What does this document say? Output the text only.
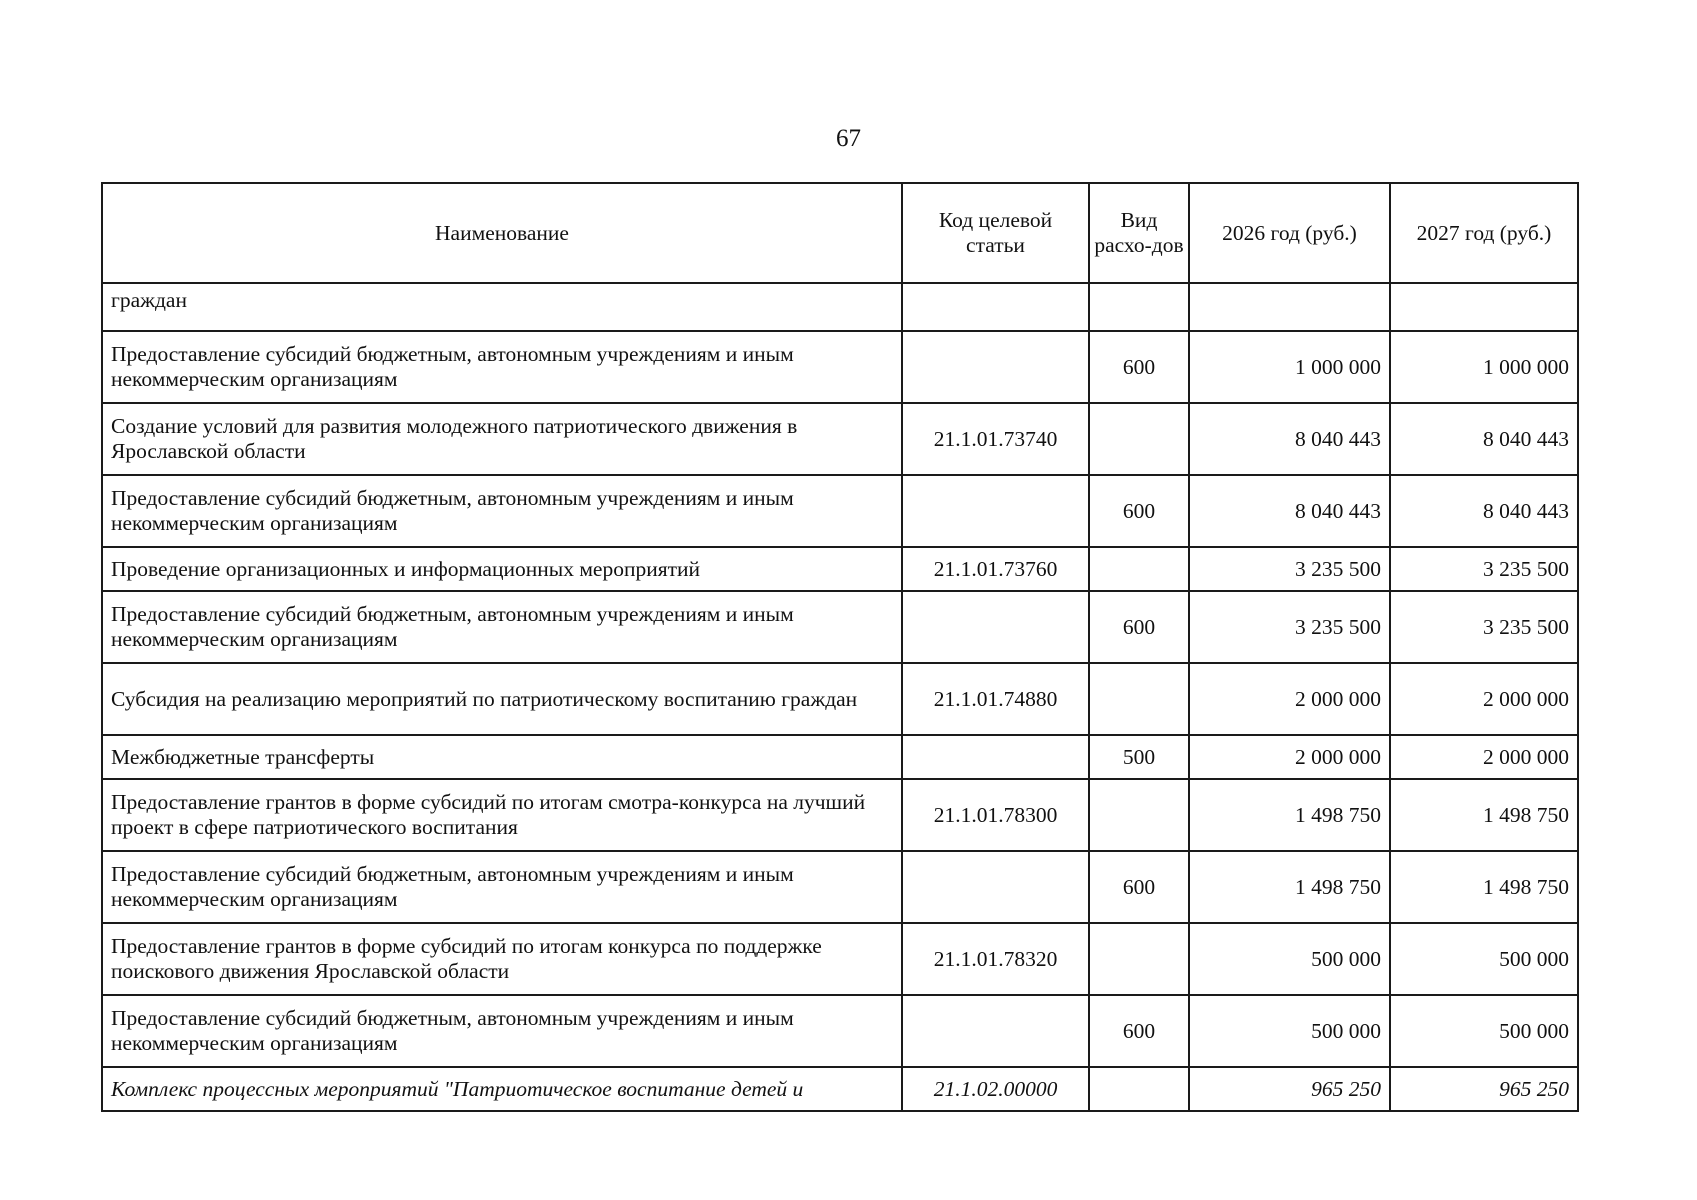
67
Наименование	Код целевой статьи	Вид расхо-дов	2026 год (руб.)	2027 год (руб.)
граждан				
Предоставление субсидий бюджетным, автономным учреждениям и иным некоммерческим организациям		600	1 000 000	1 000 000
Создание условий для развития молодежного патриотического движения в Ярославской области	21.1.01.73740		8 040 443	8 040 443
Предоставление субсидий бюджетным, автономным учреждениям и иным некоммерческим организациям		600	8 040 443	8 040 443
Проведение организационных и информационных мероприятий	21.1.01.73760		3 235 500	3 235 500
Предоставление субсидий бюджетным, автономным учреждениям и иным некоммерческим организациям		600	3 235 500	3 235 500
Субсидия на реализацию мероприятий по патриотическому воспитанию граждан	21.1.01.74880		2 000 000	2 000 000
Межбюджетные трансферты		500	2 000 000	2 000 000
Предоставление грантов в форме субсидий по итогам смотра-конкурса на лучший проект в сфере патриотического воспитания	21.1.01.78300		1 498 750	1 498 750
Предоставление субсидий бюджетным, автономным учреждениям и иным некоммерческим организациям		600	1 498 750	1 498 750
Предоставление грантов в форме субсидий по итогам конкурса по поддержке поискового движения Ярославской области	21.1.01.78320		500 000	500 000
Предоставление субсидий бюджетным, автономным учреждениям и иным некоммерческим организациям		600	500 000	500 000
Комплекс процессных мероприятий "Патриотическое воспитание детей и	21.1.02.00000		965 250	965 250
